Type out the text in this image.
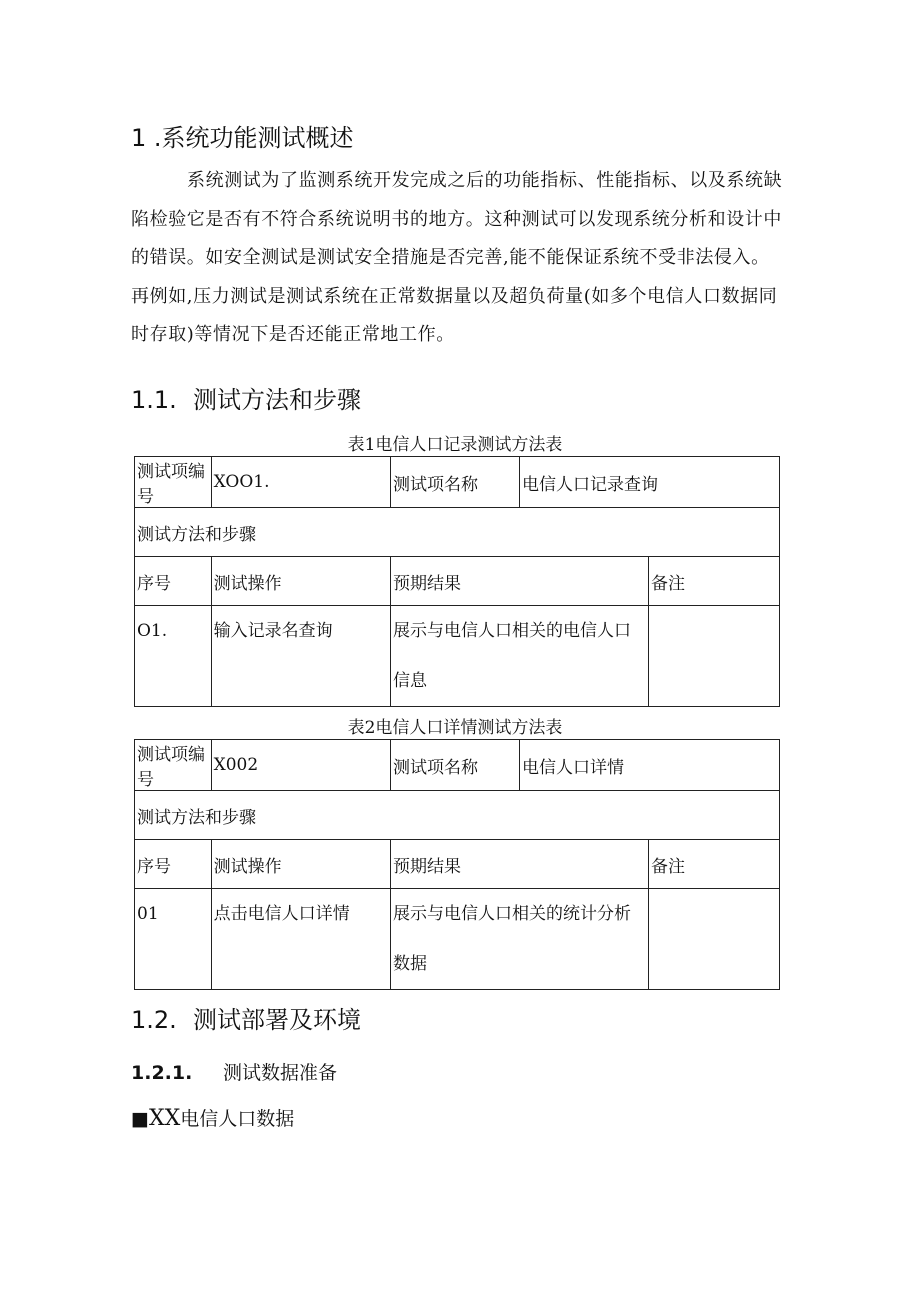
1 .系统功能测试概述

系统测试为了监测系统开发完成之后的功能指标、性能指标、以及系统缺陷检验它是否有不符合系统说明书的地方。这种测试可以发现系统分析和设计中的错误。如安全测试是测试安全措施是否完善,能不能保证系统不受非法侵入。再例如,压力测试是测试系统在正常数据量以及超负荷量(如多个电信人口数据同时存取)等情况下是否还能正常地工作。

1.1. 测试方法和步骤
表1电信人口记录测试方法表
测试项编号	XOO1.	测试项名称	电信人口记录查询	
测试方法和步骤				
序号	测试操作	预期结果		备注
O1.	输入记录名查询	展示与电信人口相关的电信人口信息		
表2电信人口详情测试方法表
测试项编号	X002	测试项名称	电信人口详情	
测试方法和步骤				
序号	测试操作	预期结果		备注
01	点击电信人口详情	展示与电信人口相关的统计分析数据		
1.2. 测试部署及环境
1.2.1. 测试数据准备
■XX电信人口数据
